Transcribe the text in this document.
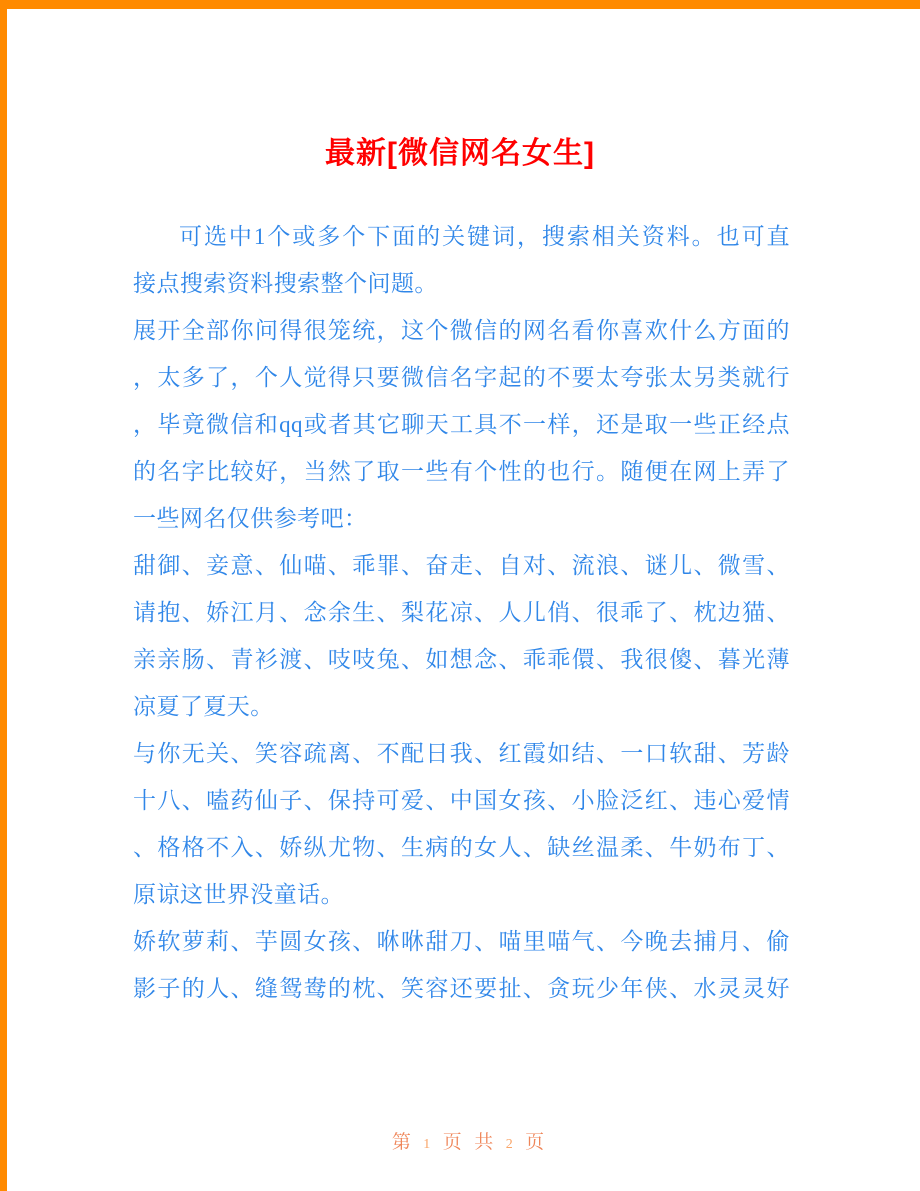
最新[微信网名女生]
可选中1个或多个下面的关键词，搜索相关资料。也可直
接点搜索资料搜索整个问题。
展开全部你问得很笼统，这个微信的网名看你喜欢什么方面的
，太多了，个人觉得只要微信名字起的不要太夸张太另类就行
，毕竟微信和qq或者其它聊天工具不一样，还是取一些正经点
的名字比较好，当然了取一些有个性的也行。随便在网上弄了
一些网名仅供参考吧：
甜御、妾意、仙喵、乖罪、奋走、自对、流浪、谜儿、微雪、
请抱、娇江月、念余生、梨花凉、人儿俏、很乖了、枕边猫、
亲亲肠、青衫渡、吱吱兔、如想念、乖乖儇、我很傻、暮光薄
凉夏了夏天。
与你无关、笑容疏离、不配日我、红霞如结、一口软甜、芳龄
十八、嗑药仙子、保持可爱、中国女孩、小脸泛红、违心爱情
、格格不入、娇纵尤物、生病的女人、缺丝温柔、牛奶布丁、
原谅这世界没童话。
娇软萝莉、芋圆女孩、咻咻甜刀、喵里喵气、今晚去捕月、偷
影子的人、缝鸳鸯的枕、笑容还要扯、贪玩少年侠、水灵灵好
第 1 页 共 2 页
